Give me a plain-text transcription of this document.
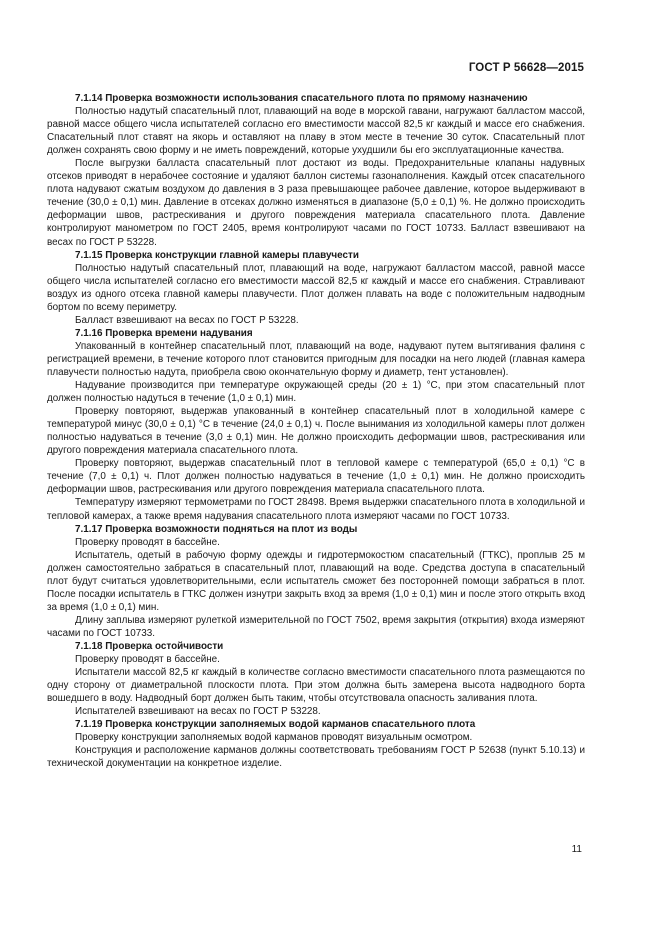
ГОСТ Р 56628—2015

7.1.14 Проверка возможности использования спасательного плота по прямому назначению

Полностью надутый спасательный плот, плавающий на воде в морской гавани, нагружают балластом массой, равной массе общего числа испытателей согласно его вместимости массой 82,5 кг каждый и массе его снабжения. Спасательный плот ставят на якорь и оставляют на плаву в этом месте в течение 30 суток. Спасательный плот должен сохранять свою форму и не иметь повреждений, которые ухудшили бы его эксплуатационные качества.

После выгрузки балласта спасательный плот достают из воды. Предохранительные клапаны надувных отсеков приводят в нерабочее состояние и удаляют баллон системы газонаполнения. Каждый отсек спасательного плота надувают сжатым воздухом до давления в 3 раза превышающее рабочее давление, которое выдерживают в течение (30,0 ± 0,1) мин. Давление в отсеках должно изменяться в диапазоне (5,0 ± 0,1) %. Не должно происходить деформации швов, растрескивания и другого повреждения материала спасательного плота. Давление контролируют манометром по ГОСТ 2405, время контролируют часами по ГОСТ 10733. Балласт взвешивают на весах по ГОСТ Р 53228.

7.1.15 Проверка конструкции главной камеры плавучести

Полностью надутый спасательный плот, плавающий на воде, нагружают балластом массой, равной массе общего числа испытателей согласно его вместимости массой 82,5 кг каждый и массе его снабжения. Стравливают воздух из одного отсека главной камеры плавучести. Плот должен плавать на воде с положительным надводным бортом по всему периметру.

Балласт взвешивают на весах по ГОСТ Р 53228.

7.1.16 Проверка времени надувания

Упакованный в контейнер спасательный плот, плавающий на воде, надувают путем вытягивания фалиня с регистрацией времени, в течение которого плот становится пригодным для посадки на него людей (главная камера плавучести полностью надута, приобрела свою окончательную форму и диаметр, тент установлен).

Надувание производится при температуре окружающей среды (20 ± 1) °С, при этом спасательный плот должен полностью надуться в течение (1,0 ± 0,1) мин.

Проверку повторяют, выдержав упакованный в контейнер спасательный плот в холодильной камере с температурой минус (30,0 ± 0,1) °С в течение (24,0 ± 0,1) ч. После вынимания из холодильной камеры плот должен полностью надуваться в течение (3,0 ± 0,1) мин. Не должно происходить деформации швов, растрескивания или другого повреждения материала спасательного плота.

Проверку повторяют, выдержав спасательный плот в тепловой камере с температурой (65,0 ± 0,1) °С в течение (7,0 ± 0,1) ч. Плот должен полностью надуваться в течение (1,0 ± 0,1) мин. Не должно происходить деформации швов, растрескивания или другого повреждения материала спасательного плота.

Температуру измеряют термометрами по ГОСТ 28498. Время выдержки спасательного плота в холодильной и тепловой камерах, а также время надувания спасательного плота измеряют часами по ГОСТ 10733.

7.1.17 Проверка возможности подняться на плот из воды

Проверку проводят в бассейне.

Испытатель, одетый в рабочую форму одежды и гидротермокостюм спасательный (ГТКС), проплыв 25 м должен самостоятельно забраться в спасательный плот, плавающий на воде. Средства доступа в спасательный плот будут считаться удовлетворительными, если испытатель сможет без посторонней помощи забраться в плот. После посадки испытатель в ГТКС должен изнутри закрыть вход за время (1,0 ± 0,1) мин и после этого открыть вход за время (1,0 ± 0,1) мин.

Длину заплыва измеряют рулеткой измерительной по ГОСТ 7502, время закрытия (открытия) входа измеряют часами по ГОСТ 10733.

7.1.18 Проверка остойчивости

Проверку проводят в бассейне.

Испытатели массой 82,5 кг каждый в количестве согласно вместимости спасательного плота размещаются по одну сторону от диаметральной плоскости плота. При этом должна быть замерена высота надводного борта вошедшего в воду. Надводный борт должен быть таким, чтобы отсутствовала опасность заливания плота.

Испытателей взвешивают на весах по ГОСТ Р 53228.

7.1.19 Проверка конструкции заполняемых водой карманов спасательного плота

Проверку конструкции заполняемых водой карманов проводят визуальным осмотром.

Конструкция и расположение карманов должны соответствовать требованиям ГОСТ Р 52638 (пункт 5.10.13) и технической документации на конкретное изделие.

11
